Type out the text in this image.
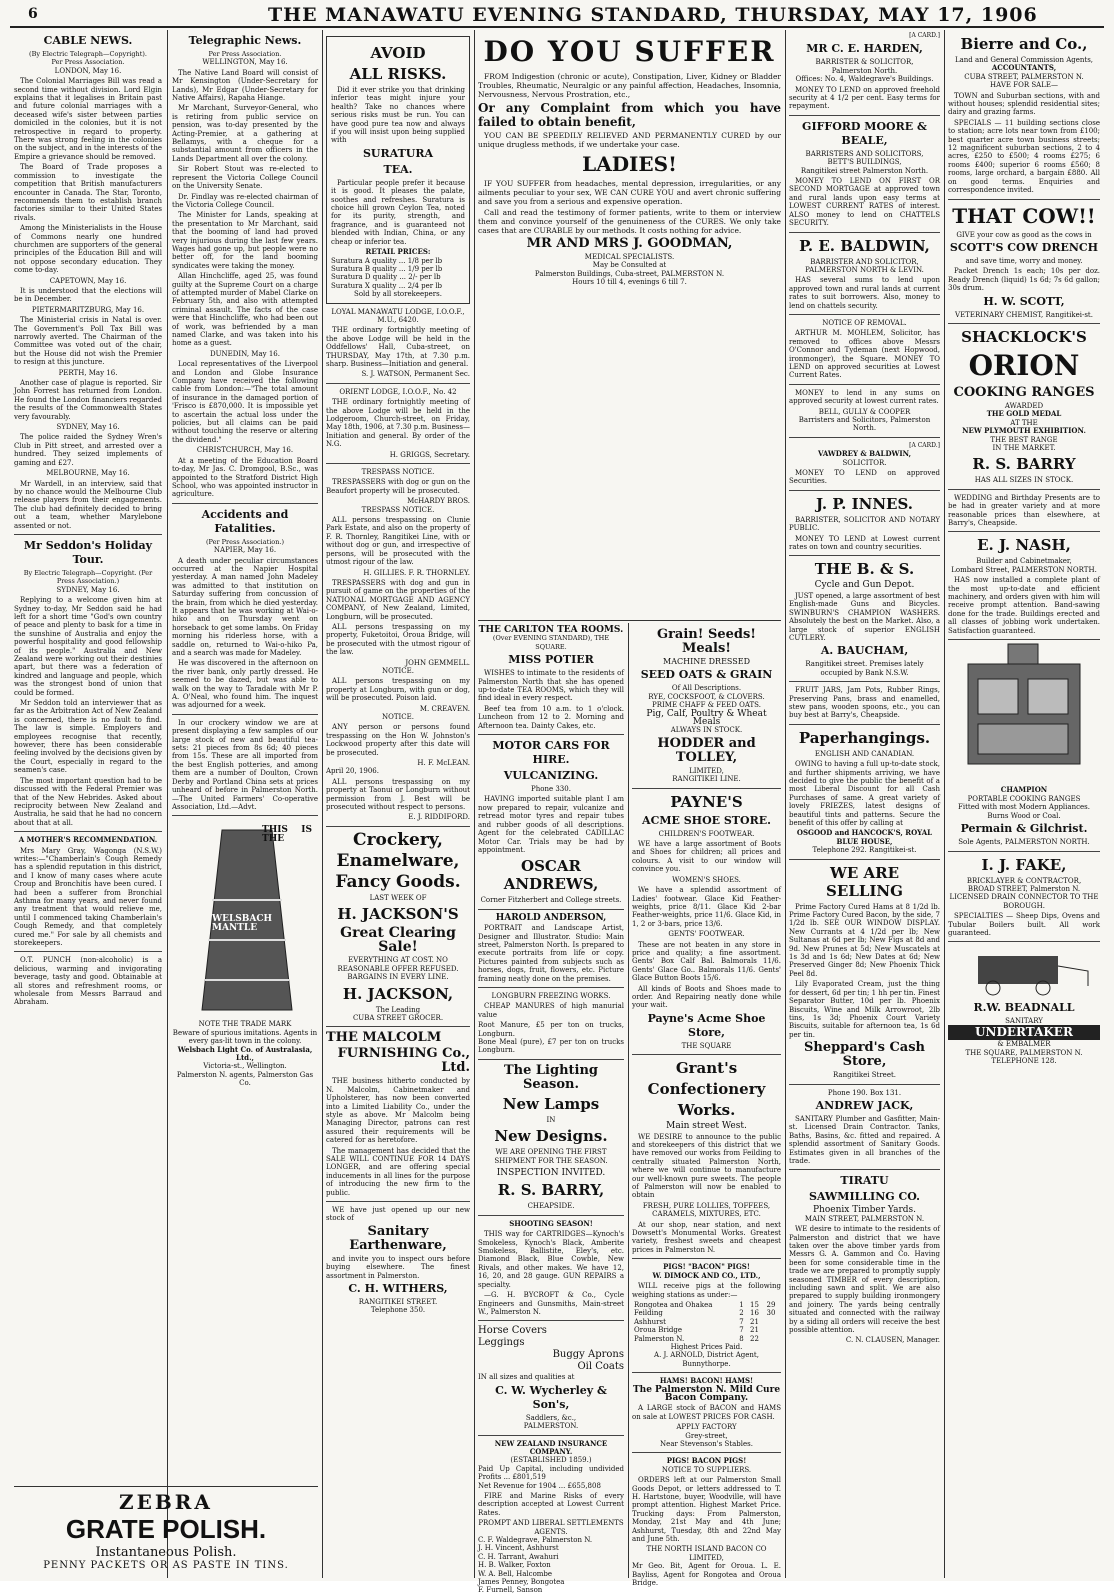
6	THE MANAWATU EVENING STANDARD, THURSDAY, MAY 17, 1906
CABLE NEWS.
(By Electric Telegraph—Copyright).
Per Press Association.
LONDON, May 16.

The Colonial Marriages Bill was read a second time without division. Lord Elgin explains that it legalises in Britain past and future colonial marriages with a deceased wife's sister between parties domiciled in the colonies, but it is not retrospective in regard to property. There was strong feeling in the colonies on the subject, and in the interests of the Empire a grievance should be removed.

The Board of Trade proposes a commission to investigate the competition that British manufacturers encounter in Canada. The Star, Toronto, recommends them to establish branch factories similar to their United States rivals.

Among the Ministerialists in the House of Commons nearly one hundred churchmen are supporters of the general principles of the Education Bill and will not oppose secondary education. They come to-day.

CAPETOWN, May 16.

It is understood that the elections will be in December.

PIETERMARITZBURG, May 16.

The Ministerial crisis in Natal is over. The Government's Poll Tax Bill was narrowly averted. The Chairman of the Committee was voted out of the chair, but the House did not wish the Premier to resign at this juncture.

PERTH, May 16.

Another case of plague is reported. Sir John Forrest has returned from London. He found the London financiers regarded the results of the Commonwealth States very favourably.

SYDNEY, May 16.

The police raided the Sydney Wren's Club in Pitt street, and arrested over a hundred. They seized implements of gaming and £27.

MELBOURNE, May 16.

Mr Wardell, in an interview, said that by no chance would the Melbourne Club release players from their engagements. The club had definitely decided to bring out a team, whether Marylebone assented or not.

Mr Seddon's Holiday Tour.
By Electric Telegraph—Copyright. (Per Press Association.)
SYDNEY, May 16.

Replying to a welcome given him at Sydney to-day, Mr Seddon said he had left for a short time "God's own country of peace and plenty to bask for a time in the sunshine of Australia and enjoy the powerful hospitality and good fellowship of its people." Australia and New Zealand were working out their destinies apart, but there was a federation of kindred and language and people, which was the strongest bond of union that could be formed.

Mr Seddon told an interviewer that as far as the Arbitration Act of New Zealand is concerned, there is no fault to find. The law is simple. Employers and employees recognise that recently, however, there has been considerable feeling involved by the decisions given by the Court, especially in regard to the seamen's case.

The most important question had to be discussed with the Federal Premier was that of the New Hebrides. Asked about reciprocity between New Zealand and Australia, he said that he had no concern about that at all.

A MOTHER'S RECOMMENDATION.

Mrs Mary Gray, Wagonga (N.S.W.) writes:—"Chamberlain's Cough Remedy has a splendid reputation in this district, and I know of many cases where acute Croup and Bronchitis have been cured. I had been a sufferer from Bronchial Asthma for many years, and never found any treatment that would relieve me, until I commenced taking Chamberlain's Cough Remedy, and that completely cured me." For sale by all chemists and storekeepers.

O.T. PUNCH (non-alcoholic) is a delicious, warming and invigorating beverage, tasty and good. Obtainable at all stores and refreshment rooms, or wholesale from Messrs Barraud and Abraham.

Telegraphic News.
Per Press Association.
WELLINGTON, May 16.

The Native Land Board will consist of Mr Kensington (Under-Secretary for Lands), Mr Edgar (Under-Secretary for Native Affairs), Rapaha Hiange.

Mr Marchant, Surveyor-General, who is retiring from public service on pension, was to-day presented by the Acting-Premier, at a gathering at Bellamys, with a cheque for a substantial amount from officers in the Lands Department all over the colony.

Sir Robert Stout was re-elected to represent the Victoria College Council on the University Senate.

Dr. Findlay was re-elected chairman of the Victoria College Council.

The Minister for Lands, speaking at the presentation to Mr Marchant, said that the booming of land had proved very injurious during the last few years. Wages had gone up, but people were no better off, for the land booming syndicates were taking the money.

Allan Hinchcliffe, aged 25, was found guilty at the Supreme Court on a charge of attempted murder of Mabel Clarke on February 5th, and also with attempted criminal assault. The facts of the case were that Hinchcliffe, who had been out of work, was befriended by a man named Clarke, and was taken into his home as a guest.

DUNEDIN, May 16.

Local representatives of the Liverpool and London and Globe Insurance Company have received the following cable from London:—"The total amount of insurance in the damaged portion of 'Frisco is £870,000. It is impossible yet to ascertain the actual loss under the policies, but all claims can be paid without touching the reserve or altering the dividend."

CHRISTCHURCH, May 16.

At a meeting of the Education Board to-day, Mr Jas. C. Dromgool, B.Sc., was appointed to the Stratford District High School, who was appointed instructor in agriculture.

Accidents and Fatalities.
(Per Press Association.)
NAPIER, May 16.

A death under peculiar circumstances occurred at the Napier Hospital yesterday. A man named John Madeley was admitted to that institution on Saturday suffering from concussion of the brain, from which he died yesterday. It appears that he was working at Wai-o-hiko and on Thursday went on horseback to get some lambs. On Friday morning his riderless horse, with a saddle on, returned to Wai-o-hiko Pa, and a search was made for Madeley.

He was discovered in the afternoon on the river bank, only partly dressed. He seemed to be dazed, but was able to walk on the way to Taradale with Mr P. A. O'Neal, who found him. The inquest was adjourned for a week.

In our crockery window we are at present displaying a few samples of our large stock of new and beautiful tea-sets: 21 pieces from 8s 6d; 40 pieces from 15s. These are all imported from the best English potteries, and among them are a number of Doulton, Crown Derby and Portland China sets at prices unheard of before in Palmerston North.—The United Farmers' Co-operative Association, Ltd.—Advt.

THIS IS THE
WELSBACH MANTLE
NOTE THE TRADE MARK
Beware of spurious imitations. Agents in every gas-lit town in the colony.
Welsbach Light Co. of Australasia, Ltd.,
Victoria-st., Wellington.
Palmerston N. agents, Palmerston Gas Co.
ZEBRA
GRATE POLISH.
Instantaneous Polish.
PENNY PACKETS OR AS PASTE IN TINS.
AVOID
ALL RISKS.

Did it ever strike you that drinking inferior teas might injure your health? Take no chances where serious risks must be run. You can have good pure tea now and always if you will insist upon being supplied with

SURATURA
TEA.

Particular people prefer it because it is good. It pleases the palate, soothes and refreshes. Suratura is choice hill grown Ceylon Tea, noted for its purity, strength, and fragrance, and is guaranteed not blended with Indian, China, or any cheap or inferior tea.

RETAIL PRICES:
Suratura A quality ... 1/8 per lb
Suratura B quality ... 1/9 per lb
Suratura D quality ... 2/- per lb
Suratura X quality ... 2/4 per lb
Sold by all storekeepers.
LOYAL MANAWATU LODGE, I.O.O.F., M.U., 6420.

THE ordinary fortnightly meeting of the above Lodge will be held in the Oddfellows' Hall, Cuba-street, on THURSDAY, May 17th, at 7.30 p.m. sharp. Business—Initiation and general.

S. J. WATSON, Permanent Sec.
ORIENT LODGE, I.O.O.F., No. 42

THE ordinary fortnightly meeting of the above Lodge will be held in the Lodgeroom, Church-street, on Friday, May 18th, 1906, at 7.30 p.m. Business—Initiation and general. By order of the N.G.

H. GRIGGS, Secretary.
TRESPASS NOTICE.

TRESPASSERS with dog or gun on the Beaufort property will be prosecuted.

McHARDY BROS.
TRESPASS NOTICE.

ALL persons trespassing on Clunie Park Estate, and also on the property of F. R. Thornley, Rangitikei Line, with or without dog or gun, and irrespective of persons, will be prosecuted with the utmost rigour of the law.

H. GILLIES. F. R. THORNLEY.

TRESPASSERS with dog and gun in pursuit of game on the properties of the NATIONAL MORTGAGE AND AGENCY COMPANY, of New Zealand, Limited, Longburn, will be prosecuted.

ALL persons trespassing on my property, Fuketoitoi, Oroua Bridge, will be prosecuted with the utmost rigour of the law.

JOHN GEMMELL.
NOTICE.

ALL persons trespassing on my property at Longburn, with gun or dog, will be prosecuted. Poison laid.

M. CREAVEN.
NOTICE.

ANY person or persons found trespassing on the Hon W. Johnston's Lockwood property after this date will be prosecuted.

H. F. McLEAN.
April 20, 1906.

ALL persons trespassing on my property at Taonui or Longburn without permission from J. Best will be prosecuted without respect to persons.

E. J. RIDDIFORD.
Crockery,
Enamelware,
Fancy Goods.
LAST WEEK OF
H. JACKSON'S
Great Clearing Sale!
EVERYTHING AT COST. NO REASONABLE OFFER REFUSED.
BARGAINS IN EVERY LINE.
H. JACKSON,
The Leading
CUBA STREET GROCER.
THE MALCOLM
FURNISHING Co., Ltd.

THE business hitherto conducted by N. Malcolm, Cabinetmaker and Upholsterer, has now been converted into a Limited Liability Co., under the style as above. Mr Malcolm being Managing Director, patrons can rest assured their requirements will be catered for as heretofore.

The management has decided that the SALE WILL CONTINUE FOR 14 DAYS LONGER, and are offering special inducements in all lines for the purpose of introducing the new firm to the public.

WE have just opened up our new stock of

Sanitary Earthenware,

and invite you to inspect ours before buying elsewhere. The finest assortment in Palmerston.

C. H. WITHERS,
RANGITIKEI STREET.
Telephone 350.
DO YOU SUFFER

FROM Indigestion (chronic or acute), Constipation, Liver, Kidney or Bladder Troubles, Rheumatic, Neuralgic or any painful affection, Headaches, Insomnia, Nervousness, Nervous Prostration, etc.,

Or any Complaint from which you have failed to obtain benefit,

YOU CAN BE SPEEDILY RELIEVED AND PERMANENTLY CURED by our unique drugless methods, if we undertake your case.

LADIES!

IF YOU SUFFER from headaches, mental depression, irregularities, or any ailments peculiar to your sex, WE CAN CURE YOU and avert chronic suffering and save you from a serious and expensive operation.

Call and read the testimony of former patients, write to them or interview them and convince yourself of the genuineness of the CURES. We only take cases that are CURABLE by our methods. It costs nothing for advice.

MR AND MRS J. GOODMAN,
MEDICAL SPECIALISTS.
May be Consulted at
Palmerston Buildings, Cuba-street, PALMERSTON N.
Hours 10 till 4, evenings 6 till 7.
THE CARLTON TEA ROOMS.
(Over EVENING STANDARD), THE SQUARE.
MISS POTIER

WISHES to intimate to the residents of Palmerston North that she has opened up-to-date TEA ROOMS, which they will find ideal in every respect.

Beef tea from 10 a.m. to 1 o'clock. Luncheon from 12 to 2. Morning and Afternoon tea. Dainty Cakes, etc.

MOTOR CARS FOR HIRE.
VULCANIZING.
Phone 330.

HAVING imported suitable plant I am now prepared to repair, vulcanize and retread motor tyres and repair tubes and rubber goods of all descriptions. Agent for the celebrated CADILLAC Motor Car. Trials may be had by appointment.

OSCAR ANDREWS,
Corner Fitzherbert and College streets.
HAROLD ANDERSON,

PORTRAIT and Landscape Artist, Designer and Illustrator. Studio: Main street, Palmerston North. Is prepared to execute portraits from life or copy. Pictures painted from subjects such as horses, dogs, fruit, flowers, etc. Picture framing neatly done on the premises.

LONGBURN FREEZING WORKS.

CHEAP MANURES of high manurial value

Root Manure, £5 per ton on trucks, Longburn.
Bone Meal (pure), £7 per ton on trucks Longburn.
The Lighting Season.
New Lamps
IN
New Designs.
WE ARE OPENING THE FIRST SHIPMENT FOR THE SEASON.
INSPECTION INVITED.
R. S. BARRY,
CHEAPSIDE.
SHOOTING SEASON!

THIS way for CARTRIDGES—Kynoch's Smokeless, Kynoch's Black, Amberite Smokeless, Ballistite, Eley's, etc. Diamond Black, Blue Cowble, New Rivals, and other makes. We have 12, 16, 20, and 28 gauge. GUN REPAIRS a specialty.

—G. H. BYCROFT & Co., Cycle Engineers and Gunsmiths, Main-street W., Palmerston N.

Horse Covers
Leggings
Buggy Aprons
Oil Coats
IN all sizes and qualities at
C. W. Wycherley & Son's,
Saddlers, &c.,
PALMERSTON.
NEW ZEALAND INSURANCE COMPANY.
(ESTABLISHED 1859.)
Paid Up Capital, including undivided Profits ... £801,519
Net Revenue for 1904 ... £655,808

FIRE and Marine Risks of every description accepted at Lowest Current Rates.

PROMPT AND LIBERAL SETTLEMENTS
AGENTS.
C. F. Waldegrave, Palmerston N.
J. H. Vincent, Ashhurst
C. H. Tarrant, Awahuri
H. B. Walker, Foxton
W. A. Bell, Halcombe
James Penney, Bongotea
F. Furnell, Sanson
Grain! Seeds! Meals!
MACHINE DRESSED
SEED OATS & GRAIN
Of All Descriptions.
RYE, COCKSFOOT, & CLOVERS.
PRIME CHAFF & FEED OATS.
Pig, Calf, Poultry & Wheat Meals
ALWAYS IN STOCK.
HODDER and TOLLEY,
LIMITED,
RANGITIKEI LINE.
PAYNE'S
ACME SHOE STORE.
CHILDREN'S FOOTWEAR.

WE have a large assortment of Boots and Shoes for children; all prices and colours. A visit to our window will convince you.

WOMEN'S SHOES.

We have a splendid assortment of Ladies' footwear. Glace Kid Feather-weights, price 8/11. Glace Kid 2-bar Feather-weights, price 11/6. Glace Kid, in 1, 2 or 3-bars, price 13/6.

GENTS' FOOTWEAR.

These are not beaten in any store in price and quality; a fine assortment. Gents' Box Calf Bal. Balmorals 11/6. Gents' Glace Go.. Balmorals 11/6. Gents' Glace Button Boots 15/6.

All kinds of Boots and Shoes made to order. And Repairing neatly done while your wait.

Payne's Acme Shoe Store,
THE SQUARE
Grant's
Confectionery
Works.
Main street West.

WE DESIRE to announce to the public and storekeepers of this district that we have removed our works from Feilding to centrally situated Palmerston North, where we will continue to manufacture our well-known pure sweets. The people of Palmerston will now be enabled to obtain

FRESH, PURE LOLLIES, TOFFEES, CARAMELS, MIXTURES, ETC.

At our shop, near station, and next Dowsett's Monumental Works. Greatest variety, freshest sweets and cheapest prices in Palmerston N.

PIGS! "BACON" PIGS!
W. DIMOCK AND CO., LTD.,

WILL receive pigs at the following weighing stations as under:—

Rongotea and Ohakea	1	15	29
Feilding	2	16	30
Ashhurst	7	21	
Oroua Bridge	7	21	
Palmerston N.	8	22	
Highest Prices Paid.
A. J. ARNOLD, District Agent, Bunnythorpe.
HAMS! BACON! HAMS!
The Palmerston N. Mild Cure Bacon Company.

A LARGE stock of BACON and HAMS on sale at LOWEST PRICES FOR CASH.

APPLY FACTORY
Grey-street,
Near Stevenson's Stables.
PIGS! BACON PIGS!
NOTICE TO SUPPLIERS.

ORDERS left at our Palmerston Small Goods Depot, or letters addressed to T. H. Hartstone, buyer, Woodville, will have prompt attention. Highest Market Price. Trucking days: From Palmerston, Monday, 21st May and 4th June; Ashhurst, Tuesday, 8th and 22nd May and June 5th.

THE NORTH ISLAND BACON CO LIMITED,
Mr Geo. Bit, Agent for Oroua. L. E. Bayliss, Agent for Rongotea and Oroua Bridge.
[A CARD.]
MR C. E. HARDEN,
BARRISTER & SOLICITOR,
Palmerston North.
Offices: No. 4, Waldegrave's Buildings.

MONEY TO LEND on approved freehold security at 4 1/2 per cent. Easy terms for repayment.

GIFFORD MOORE & BEALE,
BARRISTERS AND SOLICITORS,
BETT'S BUILDINGS,
Rangitikei street Palmerston North.

MONEY TO LEND ON FIRST OR SECOND MORTGAGE at approved town and rural lands upon easy terms at LOWEST CURRENT RATES of interest. ALSO money to lend on CHATTELS SECURITY.

P. E. BALDWIN,
BARRISTER AND SOLICITOR, PALMERSTON NORTH & LEVIN.

HAS several sums to lend upon approved town and rural lands at current rates to suit borrowers. Also, money to lend on chattels security.

NOTICE OF REMOVAL.

ARTHUR M. MOHLEM, Solicitor, has removed to offices above Messrs O'Connor and Tydeman (next Hopwood, ironmonger), the Square. MONEY TO LEND on approved securities at Lowest Current Rates.

MONEY to lend in any sums on approved security at lowest current rates.

BELL, GULLY & COOPER
Barristers and Solicitors, Palmerston North.
[A CARD.]
VAWDREY & BALDWIN,
SOLICITOR.

MONEY TO LEND on approved Securities.

J. P. INNES.

BARRISTER, SOLICITOR AND NOTARY PUBLIC.

MONEY TO LEND at Lowest current rates on town and country securities.

THE B. & S.
Cycle and Gun Depot.

JUST opened, a large assortment of best English-made Guns and Bicycles. SWINBURN'S CHAMPION WASHERS. Absolutely the best on the Market. Also, a large stock of superior ENGLISH CUTLERY.

A. BAUCHAM,
Rangitikei street. Premises lately occupied by Bank N.S.W.

FRUIT JARS, Jam Pots, Rubber Rings, Preserving Pans, brass and enamelled, stew pans, wooden spoons, etc., you can buy best at Barry's, Cheapside.

Paperhangings.
ENGLISH AND CANADIAN.

OWING to having a full up-to-date stock, and further shipments arriving, we have decided to give the public the benefit of a most Liberal Discount for all Cash Purchases of same. A great variety of lovely FRIEZES, latest designs of beautiful tints and patterns. Secure the benefit of this offer by calling at

OSGOOD and HANCOCK'S, ROYAL BLUE HOUSE,
Telephone 292. Rangitikei-st.
WE ARE SELLING

Prime Factory Cured Hams at 8 1/2d lb. Prime Factory Cured Bacon, by the side, 7 1/2d lb. SEE OUR WINDOW DISPLAY. New Currants at 4 1/2d per lb; New Sultanas at 6d per lb; New Figs at 8d and 9d. New Prunes at 5d; New Muscatels at 1s 3d and 1s 6d; New Dates at 6d; New Preserved Ginger 8d; New Phoenix Thick Peel 8d.

Lily Evaporated Cream, just the thing for dessert, 6d per tin; 1 hh per tin. Finest Separator Butter, 10d per lb. Phoenix Biscuits, Wine and Milk Arrowroot, 2lb tins, 1s 3d; Phoenix Court Variety Biscuits, suitable for afternoon tea, 1s 6d per tin.

Sheppard's Cash Store,
Rangitikei Street.
Phone 190. Box 131.
ANDREW JACK,

SANITARY Plumber and Gasfitter, Main-st. Licensed Drain Contractor. Tanks, Baths, Basins, &c. fitted and repaired. A splendid assortment of Sanitary Goods. Estimates given in all branches of the trade.

TIRATU
SAWMILLING CO.
Phoenix Timber Yards.
MAIN STREET, PALMERSTON N.

WE desire to intimate to the residents of Palmerston and district that we have taken over the above timber yards from Messrs G. A. Gammon and Co. Having been for some considerable time in the trade we are prepared to promptly supply seasoned TIMBER of every description, including sawn and split. We are also prepared to supply building ironmongery and joinery. The yards being centrally situated and connected with the railway by a siding all orders will receive the best possible attention.

C. N. CLAUSEN, Manager.
Bierre and Co.,
Land and General Commission Agents,
ACCOUNTANTS,
CUBA STREET, PALMERSTON N.
HAVE FOR SALE—

TOWN and Suburban sections, with and without houses; splendid residential sites; dairy and grazing farms.

SPECIALS — 11 building sections close to station; acre lots near town from £100; best quarter acre town business streets; 12 magnificent suburban sections, 2 to 4 acres, £250 to £500; 4 rooms £275; 6 rooms £400; superior 6 rooms £560; 8 rooms, large orchard, a bargain £880. All on good terms. Enquiries and correspondence invited.

THAT COW!!
GIVE your cow as good as the cows in
SCOTT'S COW DRENCH
and save time, worry and money.

Packet Drench 1s each; 10s per doz. Ready Drench (liquid) 1s 6d; 7s 6d gallon; 30s drum.

H. W. SCOTT,
VETERINARY CHEMIST, Rangitikei-st.
SHACKLOCK'S
ORION
COOKING RANGES
AWARDED
THE GOLD MEDAL
AT THE
NEW PLYMOUTH EXHIBITION.
THE BEST RANGE
IN THE MARKET.
R. S. BARRY
HAS ALL SIZES IN STOCK.

WEDDING and Birthday Presents are to be had in greater variety and at more reasonable prices than elsewhere, at Barry's, Cheapside.

E. J. NASH,
Builder and Cabinetmaker,
Lombard Street, PALMERSTON NORTH.

HAS now installed a complete plant of the most up-to-date and efficient machinery, and orders given with him will receive prompt attention. Band-sawing done for the trade. Buildings erected and all classes of jobbing work undertaken. Satisfaction guaranteed.

CHAMPION
PORTABLE COOKING RANGES
Fitted with most Modern Appliances.
Burns Wood or Coal.
Permain & Gilchrist.
Sole Agents, PALMERSTON NORTH.
I. J. FAKE,
BRICKLAYER & CONTRACTOR,
BROAD STREET, Palmerston N.
LICENSED DRAIN CONNECTOR TO THE BOROUGH.

SPECIALTIES — Sheep Dips, Ovens and Tubular Boilers built. All work guaranteed.

R.W. BEADNALL
SANITARY
UNDERTAKER
& EMBALMER
THE SQUARE, PALMERSTON N.
TELEPHONE 128.
